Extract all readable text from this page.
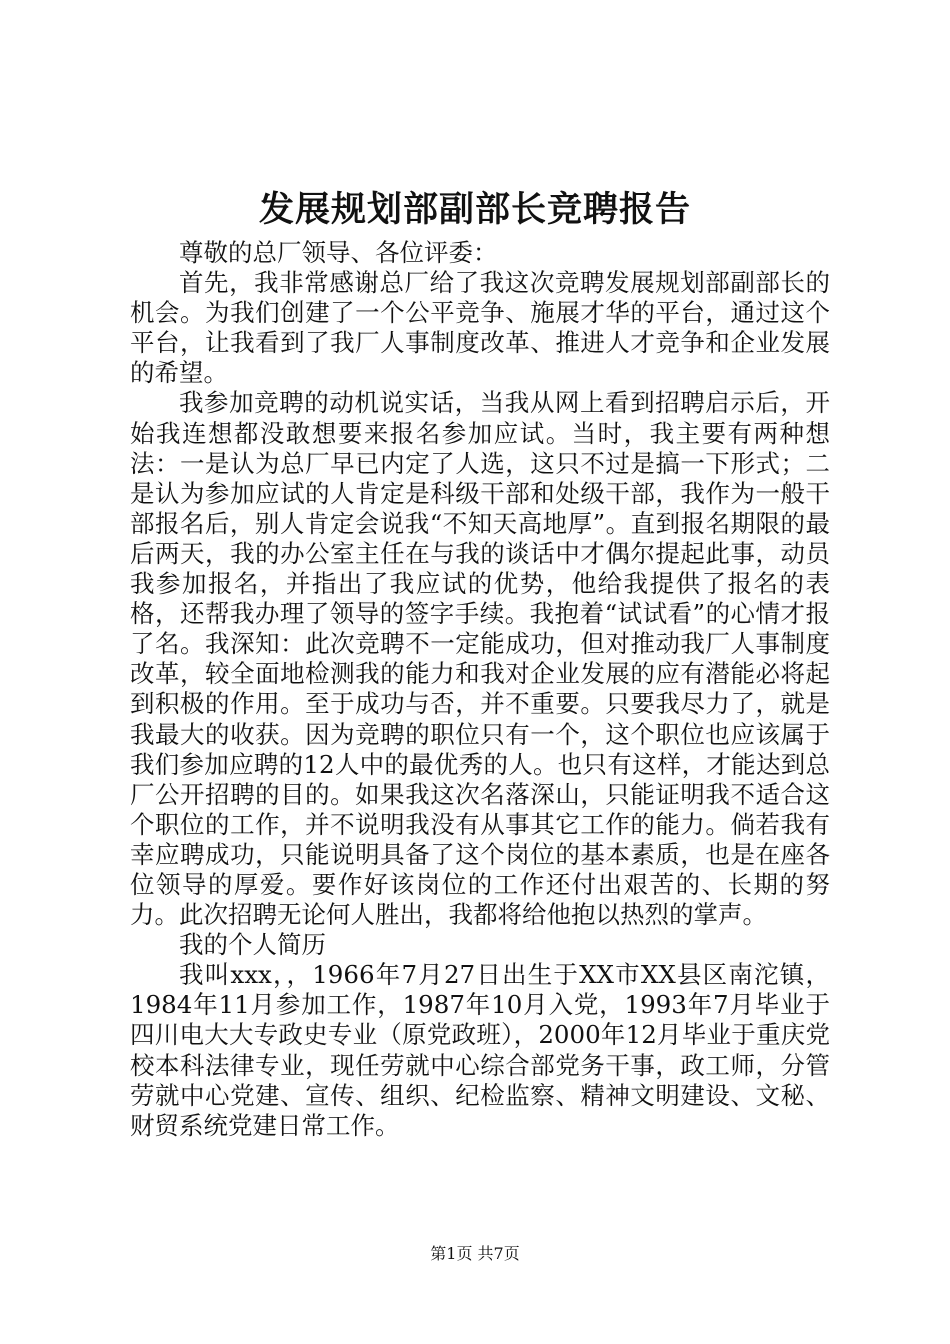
发展规划部副部长竞聘报告

尊敬的总厂领导、各位评委：

首先，我非常感谢总厂给了我这次竞聘发展规划部副部长的机会。为我们创建了一个公平竞争、施展才华的平台，通过这个平台，让我看到了我厂人事制度改革、推进人才竞争和企业发展的希望。

我参加竞聘的动机说实话，当我从网上看到招聘启示后，开始我连想都没敢想要来报名参加应试。当时，我主要有两种想法：一是认为总厂早已内定了人选，这只不过是搞一下形式；二是认为参加应试的人肯定是科级干部和处级干部，我作为一般干部报名后，别人肯定会说我“不知天高地厚”。直到报名期限的最后两天，我的办公室主任在与我的谈话中才偶尔提起此事，动员我参加报名，并指出了我应试的优势，他给我提供了报名的表格，还帮我办理了领导的签字手续。我抱着“试试看”的心情才报了名。我深知：此次竞聘不一定能成功，但对推动我厂人事制度改革，较全面地检测我的能力和我对企业发展的应有潜能必将起到积极的作用。至于成功与否，并不重要。只要我尽力了，就是我最大的收获。因为竞聘的职位只有一个，这个职位也应该属于我们参加应聘的12人中的最优秀的人。也只有这样，才能达到总厂公开招聘的目的。如果我这次名落深山，只能证明我不适合这个职位的工作，并不说明我没有从事其它工作的能力。倘若我有幸应聘成功，只能说明具备了这个岗位的基本素质，也是在座各位领导的厚爱。要作好该岗位的工作还付出艰苦的、长期的努力。此次招聘无论何人胜出，我都将给他抱以热烈的掌声。

我的个人简历

我叫xxx，，1966年7月27日出生于XX市XX县区南沱镇，1984年11月参加工作，1987年10月入党，1993年7月毕业于四川电大大专政史专业（原党政班），2000年12月毕业于重庆党校本科法律专业，现任劳就中心综合部党务干事，政工师，分管劳就中心党建、宣传、组织、纪检监察、精神文明建设、文秘、财贸系统党建日常工作。

第1页 共7页
